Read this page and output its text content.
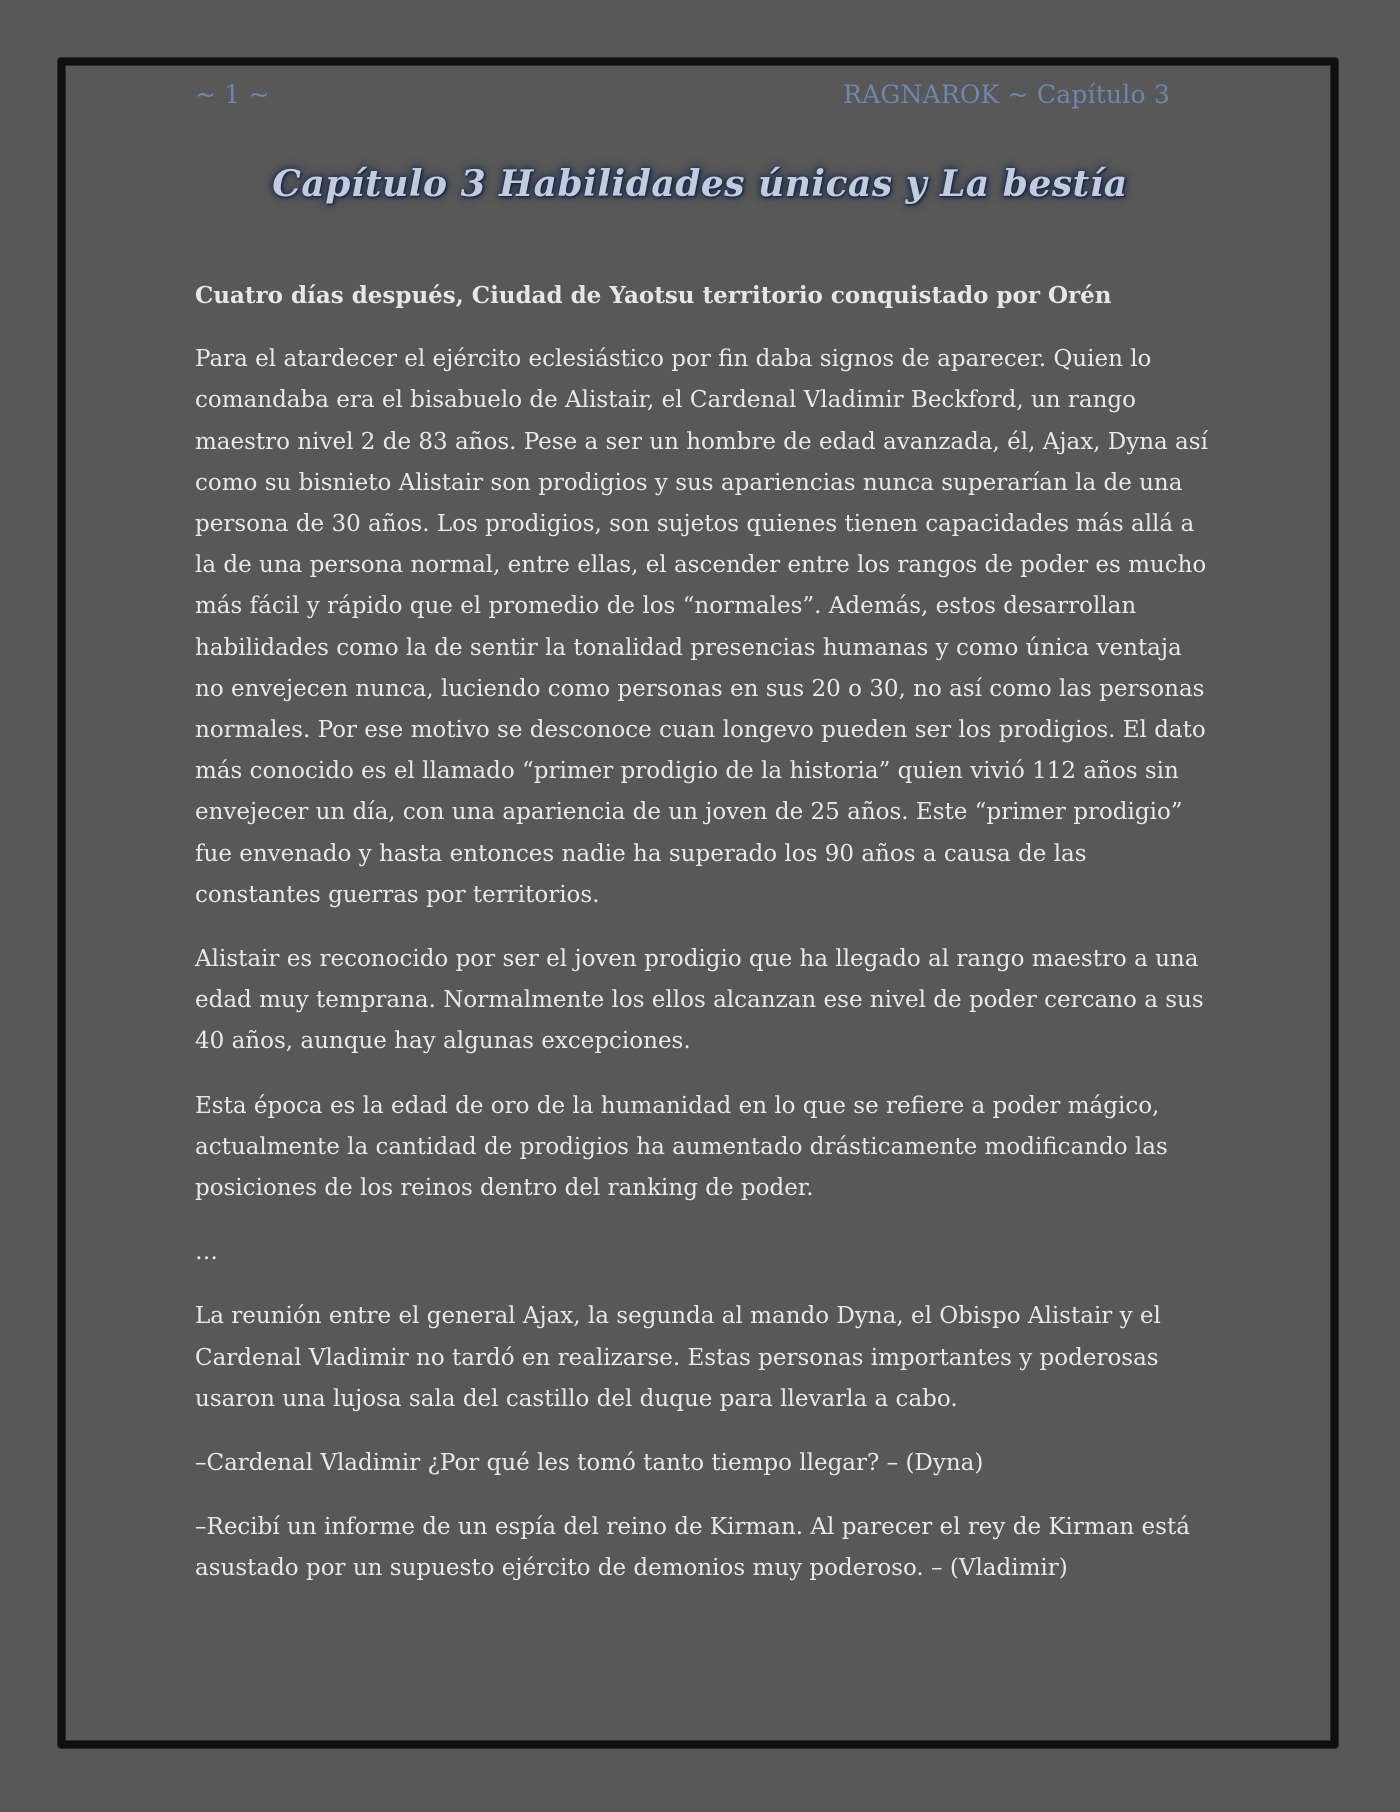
~ 1 ~	RAGNAROK ~ Capítulo 3
Capítulo 3 Habilidades únicas y La bestía

Cuatro días después, Ciudad de Yaotsu territorio conquistado por Orén

Para el atardecer el ejército eclesiástico por fin daba signos de aparecer. Quien lo comandaba era el bisabuelo de Alistair, el Cardenal Vladimir Beckford, un rango maestro nivel 2 de 83 años. Pese a ser un hombre de edad avanzada, él, Ajax, Dyna así como su bisnieto Alistair son prodigios y sus apariencias nunca superarían la de una persona de 30 años. Los prodigios, son sujetos quienes tienen capacidades más allá a la de una persona normal, entre ellas, el ascender entre los rangos de poder es mucho más fácil y rápido que el promedio de los “normales”. Además, estos desarrollan habilidades como la de sentir la tonalidad presencias humanas y como única ventaja no envejecen nunca, luciendo como personas en sus 20 o 30, no así como las personas normales. Por ese motivo se desconoce cuan longevo pueden ser los prodigios. El dato más conocido es el llamado “primer prodigio de la historia” quien vivió 112 años sin envejecer un día, con una apariencia de un joven de 25 años. Este “primer prodigio” fue envenado y hasta entonces nadie ha superado los 90 años a causa de las constantes guerras por territorios.

Alistair es reconocido por ser el joven prodigio que ha llegado al rango maestro a una edad muy temprana. Normalmente los ellos alcanzan ese nivel de poder cercano a sus 40 años, aunque hay algunas excepciones.

Esta época es la edad de oro de la humanidad en lo que se refiere a poder mágico, actualmente la cantidad de prodigios ha aumentado drásticamente modificando las posiciones de los reinos dentro del ranking de poder.

…

La reunión entre el general Ajax, la segunda al mando Dyna, el Obispo Alistair y el Cardenal Vladimir no tardó en realizarse. Estas personas importantes y poderosas usaron una lujosa sala del castillo del duque para llevarla a cabo.

–Cardenal Vladimir ¿Por qué les tomó tanto tiempo llegar? – (Dyna)

–Recibí un informe de un espía del reino de Kirman. Al parecer el rey de Kirman está asustado por un supuesto ejército de demonios muy poderoso. – (Vladimir)
